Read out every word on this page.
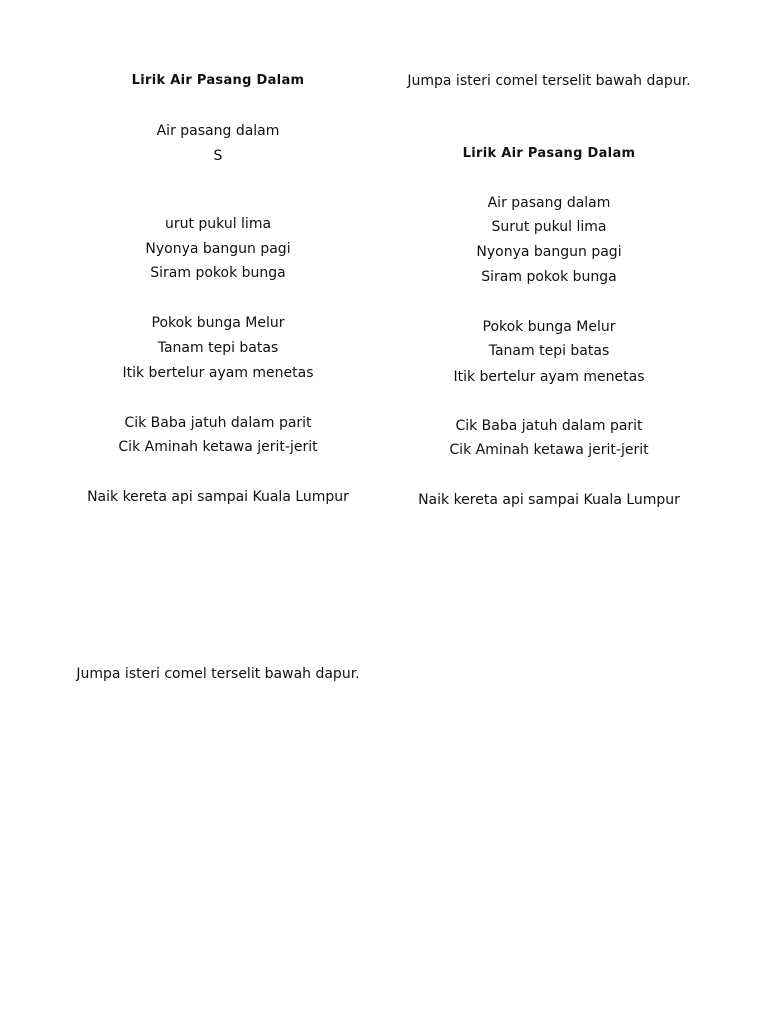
Lirik Air Pasang Dalam
Air pasang dalam
S
urut pukul lima
Nyonya bangun pagi
Siram pokok bunga
Pokok bunga Melur
Tanam tepi batas
Itik bertelur ayam menetas
Cik Baba jatuh dalam parit
Cik Aminah ketawa jerit-jerit
Naik kereta api sampai Kuala Lumpur
Jumpa isteri comel terselit bawah dapur.
Jumpa isteri comel terselit bawah dapur.
Lirik Air Pasang Dalam
Air pasang dalam
Surut pukul lima
Nyonya bangun pagi
Siram pokok bunga
Pokok bunga Melur
Tanam tepi batas
Itik bertelur ayam menetas
Cik Baba jatuh dalam parit
Cik Aminah ketawa jerit-jerit
Naik kereta api sampai Kuala Lumpur
